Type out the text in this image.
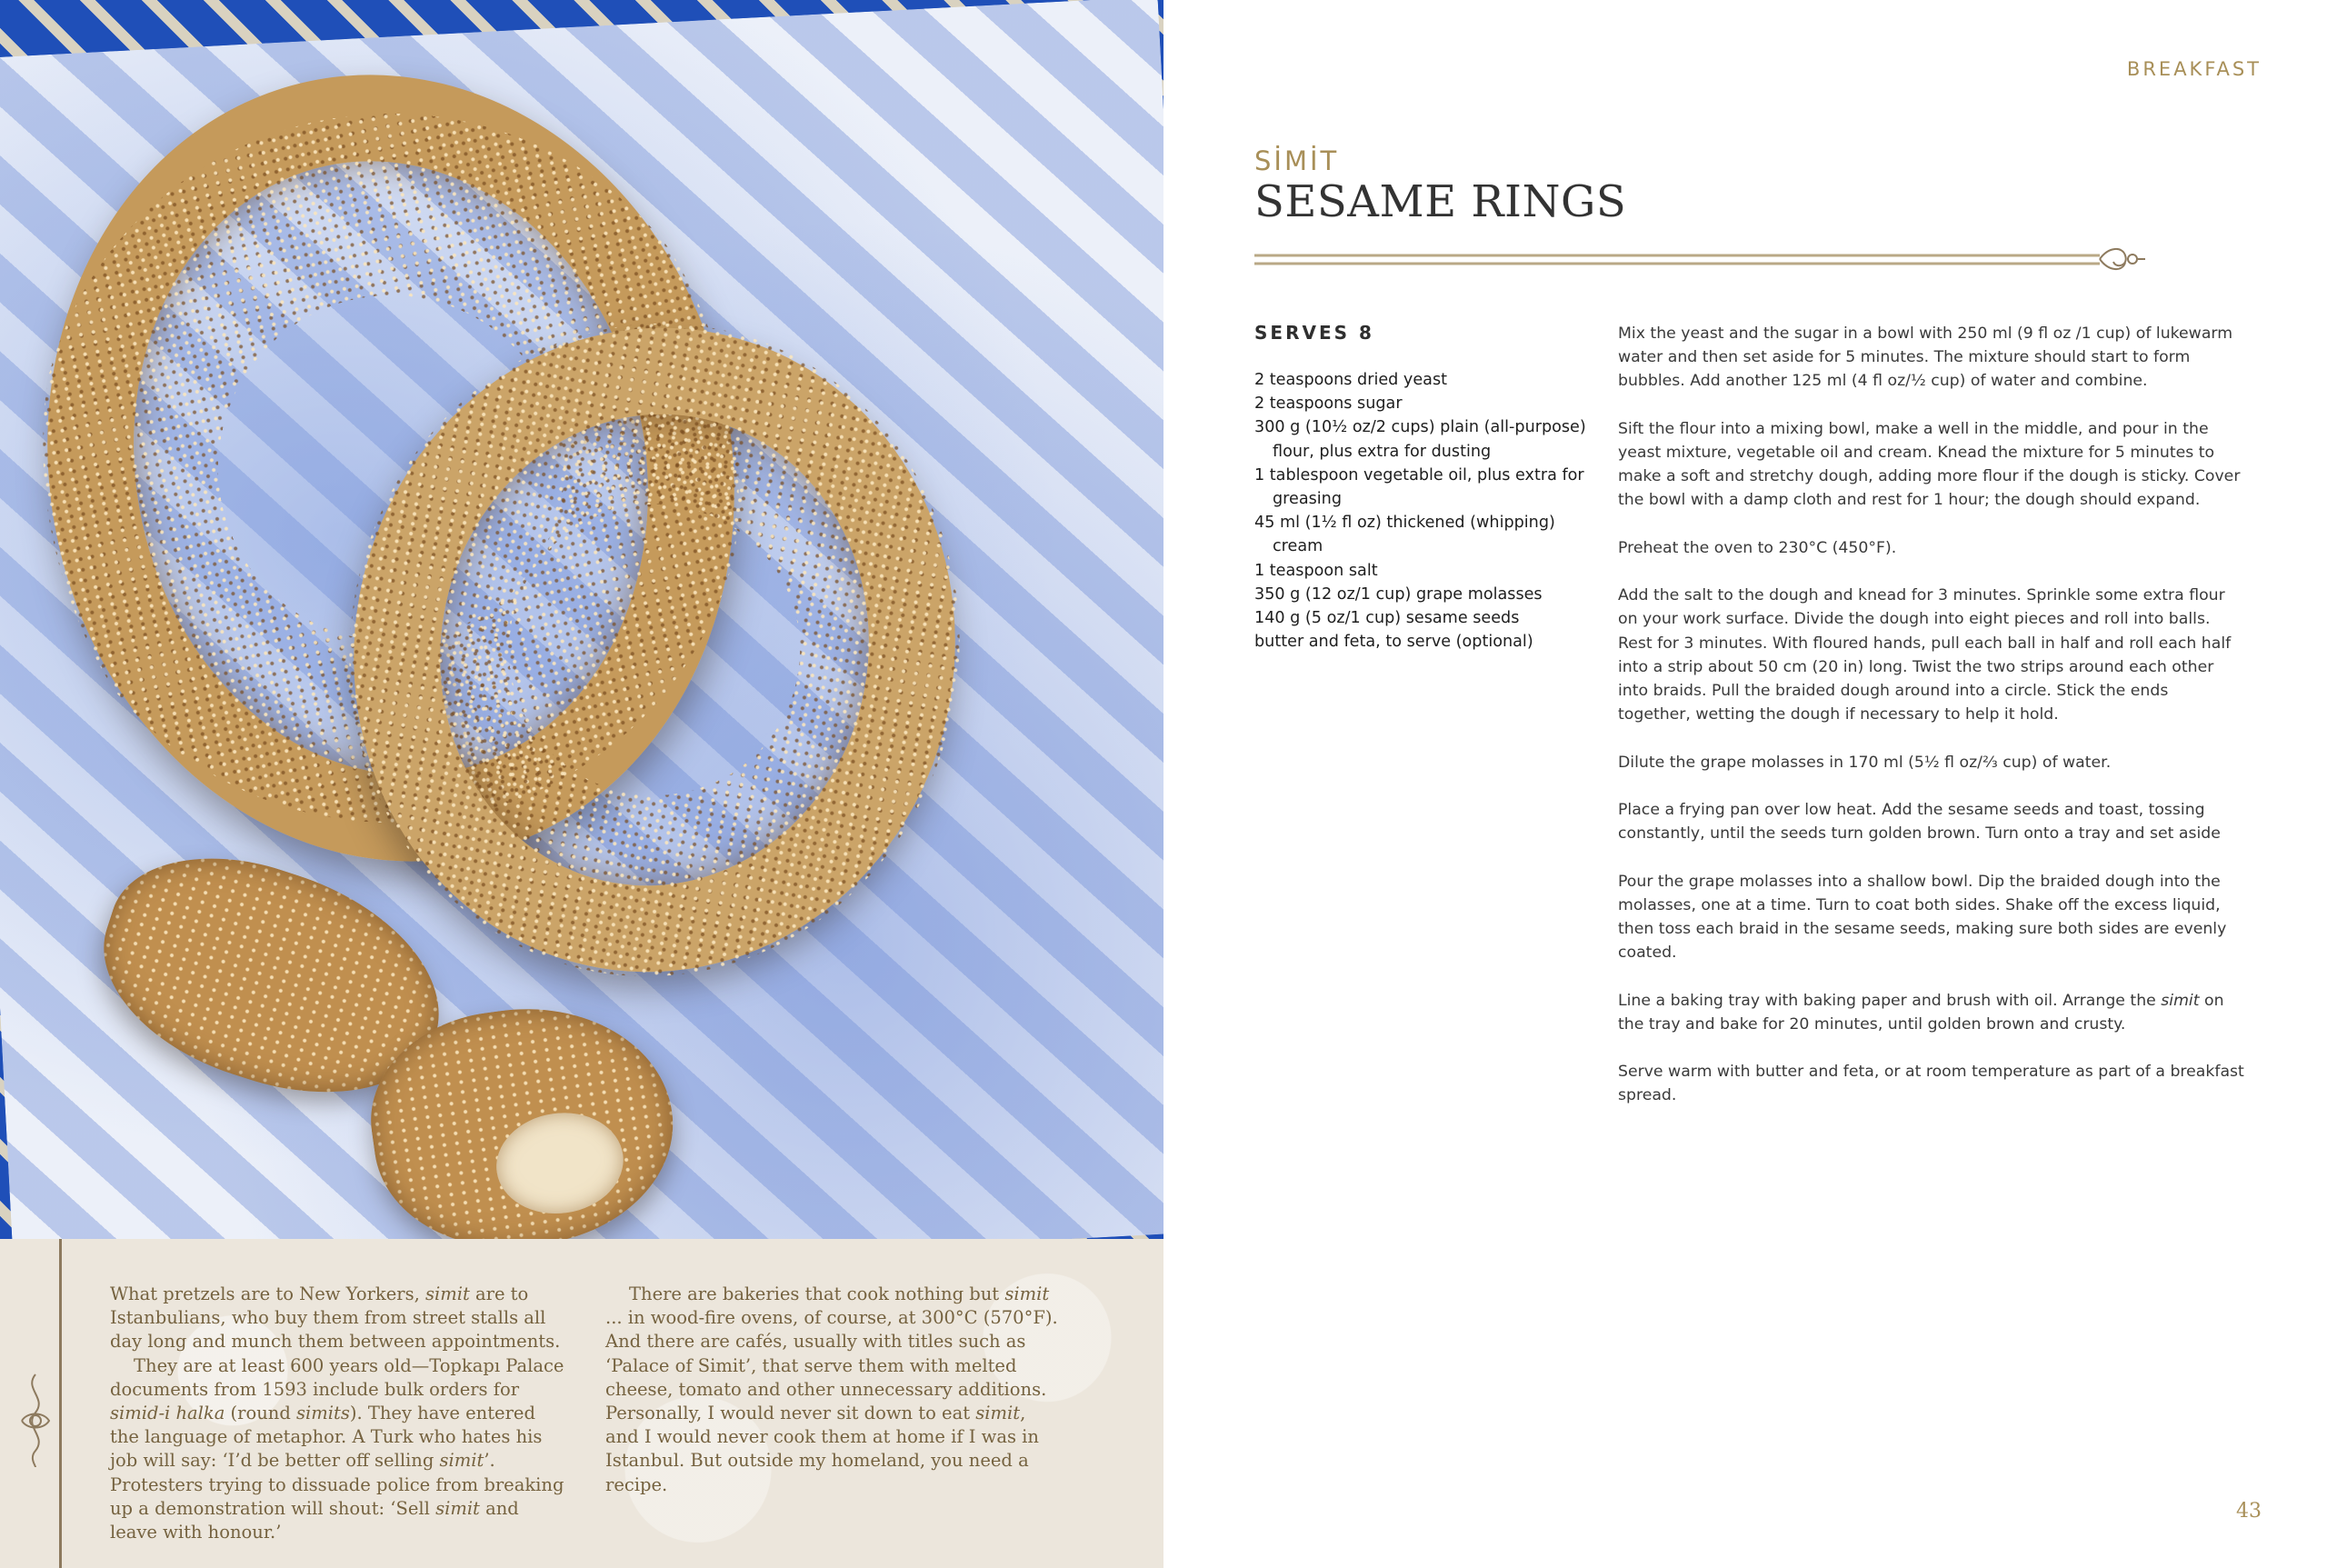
What pretzels are to New Yorkers, simit are to Istanbulians, who buy them from street stalls all day long and munch them between appointments.

They are at least 600 years old—Topkapı Palace documents from 1593 include bulk orders for simid-i halka (round simits). They have entered the language of metaphor. A Turk who hates his job will say: ‘I’d be better off selling simit’. Protesters trying to dissuade police from breaking up a demonstration will shout: ‘Sell simit and leave with honour.’

There are bakeries that cook nothing but simit ... in wood-fire ovens, of course, at 300°C (570°F). And there are cafés, usually with titles such as ‘Palace of Simit’, that serve them with melted cheese, tomato and other unnecessary additions. Personally, I would never sit down to eat simit, and I would never cook them at home if I was in Istanbul. But outside my homeland, you need a recipe.

BREAKFAST
SİMİT
SESAME RINGS
SERVES 8
2 teaspoons dried yeast
2 teaspoons sugar
300 g (10½ oz/2 cups) plain (all-purpose) flour, plus extra for dusting
1 tablespoon vegetable oil, plus extra for greasing
45 ml (1½ fl oz) thickened (whipping) cream
1 teaspoon salt
350 g (12 oz/1 cup) grape molasses
140 g (5 oz/1 cup) sesame seeds
butter and feta, to serve (optional)

Mix the yeast and the sugar in a bowl with 250 ml (9 fl oz /1 cup) of lukewarm water and then set aside for 5 minutes. The mixture should start to form bubbles. Add another 125 ml (4 fl oz/½ cup) of water and combine.

Sift the flour into a mixing bowl, make a well in the middle, and pour in the yeast mixture, vegetable oil and cream. Knead the mixture for 5 minutes to make a soft and stretchy dough, adding more flour if the dough is sticky. Cover the bowl with a damp cloth and rest for 1 hour; the dough should expand.

Preheat the oven to 230°C (450°F).

Add the salt to the dough and knead for 3 minutes. Sprinkle some extra flour on your work surface. Divide the dough into eight pieces and roll into balls. Rest for 3 minutes. With floured hands, pull each ball in half and roll each half into a strip about 50 cm (20 in) long. Twist the two strips around each other into braids. Pull the braided dough around into a circle. Stick the ends together, wetting the dough if necessary to help it hold.

Dilute the grape molasses in 170 ml (5½ fl oz/⅔ cup) of water.

Place a frying pan over low heat. Add the sesame seeds and toast, tossing constantly, until the seeds turn golden brown. Turn onto a tray and set aside

Pour the grape molasses into a shallow bowl. Dip the braided dough into the molasses, one at a time. Turn to coat both sides. Shake off the excess liquid, then toss each braid in the sesame seeds, making sure both sides are evenly coated.

Line a baking tray with baking paper and brush with oil. Arrange the simit on the tray and bake for 20 minutes, until golden brown and crusty.

Serve warm with butter and feta, or at room temperature as part of a breakfast spread.

43
